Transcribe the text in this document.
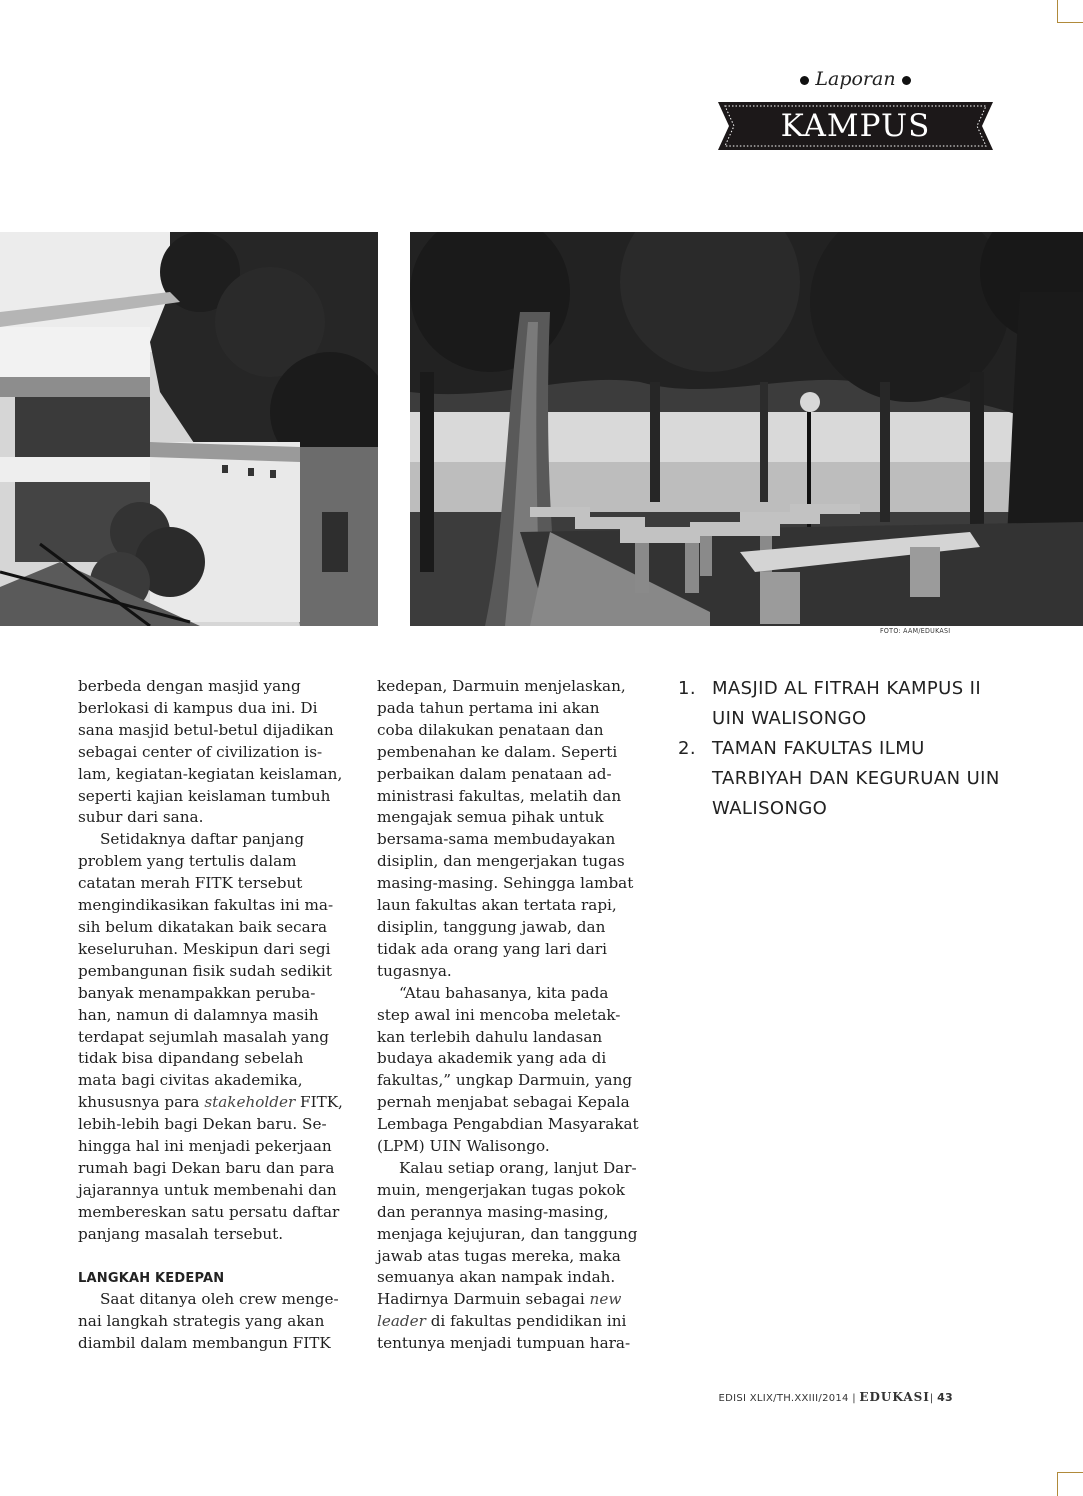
Laporan
KAMPUS
FOTO: AAM/EDUKASI

berbeda dengan masjid yang
berlokasi di kampus dua ini. Di
sana masjid betul-betul dijadikan
sebagai center of civilization is-
lam, kegiatan-kegiatan keislaman,
seperti kajian keislaman tumbuh
subur dari sana.

Setidaknya daftar panjang
problem yang tertulis dalam
catatan merah FITK tersebut
mengindikasikan fakultas ini ma-
sih belum dikatakan baik secara
keseluruhan. Meskipun dari segi
pembangunan fisik sudah sedikit
banyak menampakkan peruba-
han, namun di dalamnya masih
terdapat sejumlah masalah yang
tidak bisa dipandang sebelah
mata bagi civitas akademika,
khususnya para stakeholder FITK,
lebih-lebih bagi Dekan baru. Se-
hingga hal ini menjadi pekerjaan
rumah bagi Dekan baru dan para
jajarannya untuk membenahi dan
membereskan satu persatu daftar
panjang masalah tersebut.

LANGKAH KEDEPAN

Saat ditanya oleh crew menge-
nai langkah strategis yang akan
diambil dalam membangun FITK

kedepan, Darmuin menjelaskan,
pada tahun pertama ini akan
coba dilakukan penataan dan
pembenahan ke dalam. Seperti
perbaikan dalam penataan ad-
ministrasi fakultas, melatih dan
mengajak semua pihak untuk
bersama-sama membudayakan
disiplin, dan mengerjakan tugas
masing-masing. Sehingga lambat
laun fakultas akan tertata rapi,
disiplin, tanggung jawab, dan
tidak ada orang yang lari dari
tugasnya.

“Atau bahasanya, kita pada
step awal ini mencoba meletak-
kan terlebih dahulu landasan
budaya akademik yang ada di
fakultas,” ungkap Darmuin, yang
pernah menjabat sebagai Kepala
Lembaga Pengabdian Masyarakat
(LPM) UIN Walisongo.

Kalau setiap orang, lanjut Dar-
muin, mengerjakan tugas pokok
dan perannya masing-masing,
menjaga kejujuran, dan tanggung
jawab atas tugas mereka, maka
semuanya akan nampak indah.
Hadirnya Darmuin sebagai new
leader di fakultas pendidikan ini
tentunya menjadi tumpuan hara-

1. MASJID AL FITRAH KAMPUS II UIN WALISONGO
2. TAMAN FAKULTAS ILMU TARBIYAH DAN KEGURUAN UIN WALISONGO
EDISI XLIX/TH.XXIII/2014 | EDUKASI| 43
